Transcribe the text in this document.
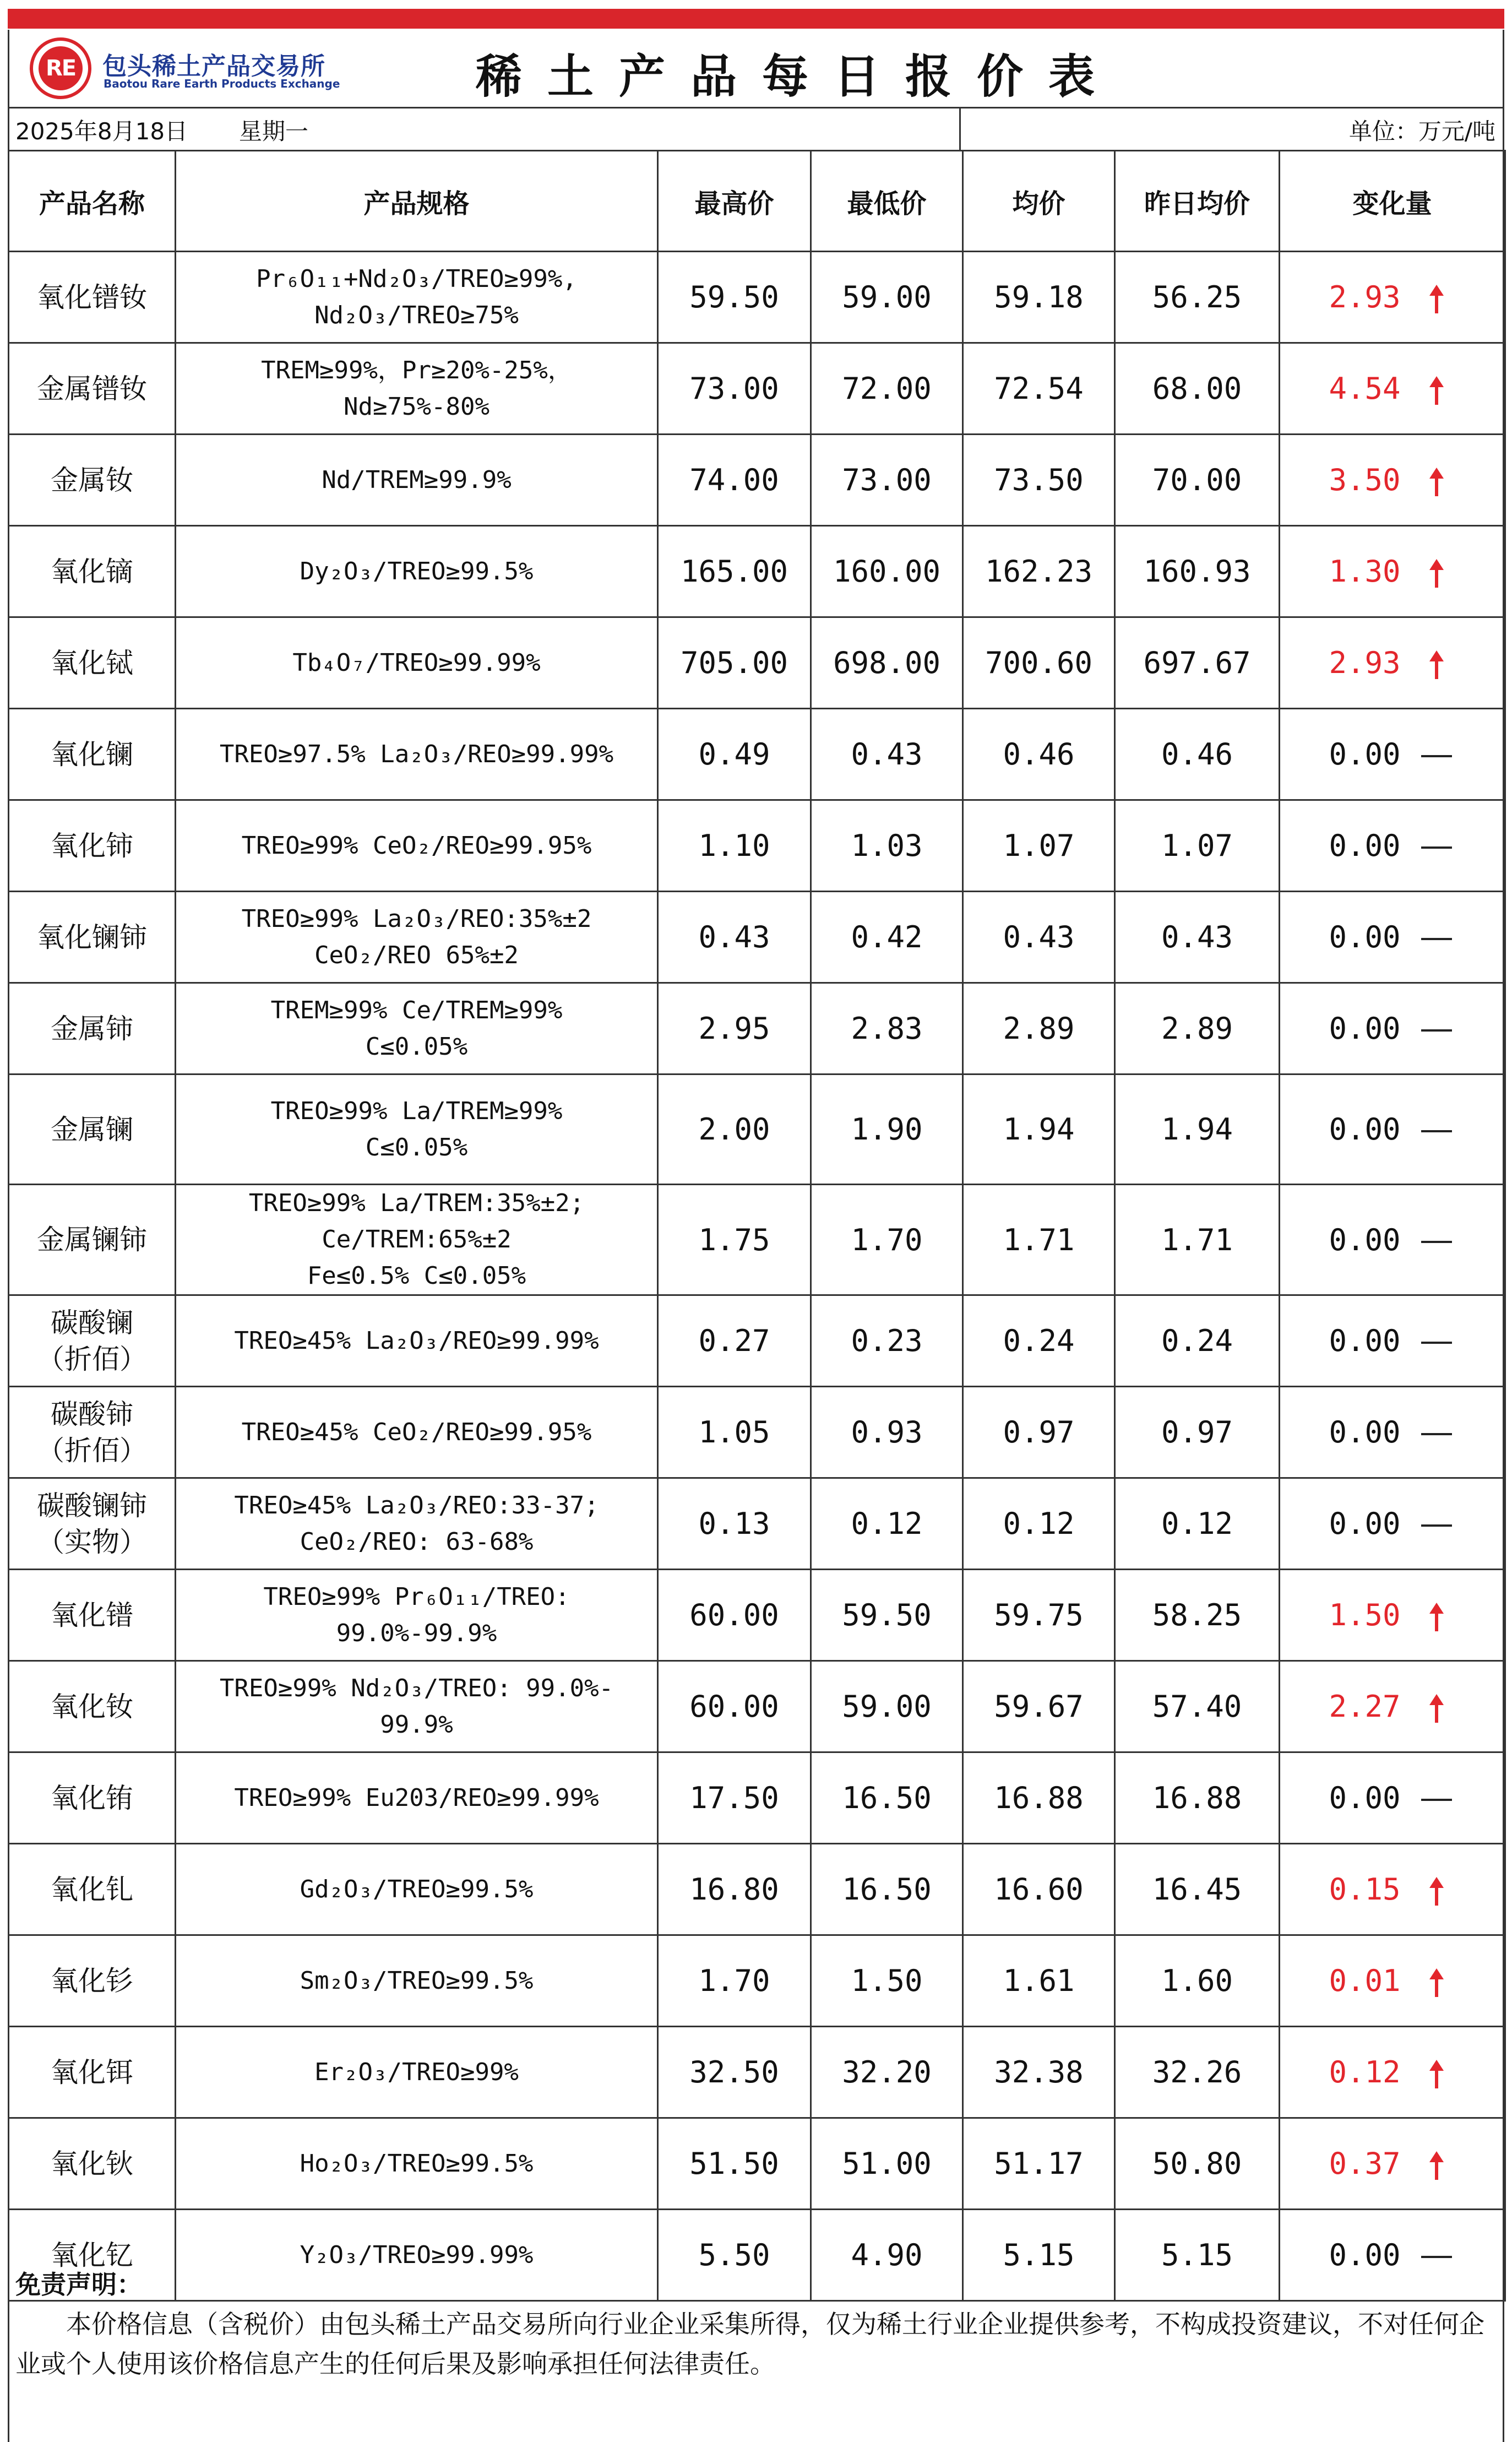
RE 包头稀土产品交易所
Baotou Rare Earth Products Exchange	稀土产品每日报价表
2025年8月18日 星期一	单位：万元/吨
产品名称	产品规格	最高价	最低价	均价	昨日均价	变化量
氧化镨钕	Pr₆O₁₁+Nd₂O₃/TREO≥99%,
Nd₂O₃/TREO≥75%	59.50	59.00	59.18	56.25	2.93
金属镨钕	TREM≥99%，Pr≥20%-25%，
Nd≥75%-80%	73.00	72.00	72.54	68.00	4.54
金属钕	Nd/TREM≥99.9%	74.00	73.00	73.50	70.00	3.50
氧化镝	Dy₂O₃/TREO≥99.5%	165.00	160.00	162.23	160.93	1.30
氧化铽	Tb₄O₇/TREO≥99.99%	705.00	698.00	700.60	697.67	2.93
氧化镧	TREO≥97.5% La₂O₃/REO≥99.99%	0.49	0.43	0.46	0.46	0.00
氧化铈	TREO≥99% CeO₂/REO≥99.95%	1.10	1.03	1.07	1.07	0.00
氧化镧铈	TREO≥99% La₂O₃/REO:35%±2
CeO₂/REO 65%±2	0.43	0.42	0.43	0.43	0.00
金属铈	TREM≥99% Ce/TREM≥99%
C≤0.05%	2.95	2.83	2.89	2.89	0.00
金属镧	TREO≥99% La/TREM≥99%
C≤0.05%	2.00	1.90	1.94	1.94	0.00
金属镧铈	TREO≥99% La/TREM:35%±2;
Ce/TREM:65%±2
Fe≤0.5% C≤0.05%	1.75	1.70	1.71	1.71	0.00
碳酸镧
（折佰）	TREO≥45% La₂O₃/REO≥99.99%	0.27	0.23	0.24	0.24	0.00
碳酸铈
（折佰）	TREO≥45% CeO₂/REO≥99.95%	1.05	0.93	0.97	0.97	0.00
碳酸镧铈
（实物）	TREO≥45% La₂O₃/REO:33-37;
CeO₂/REO: 63-68%	0.13	0.12	0.12	0.12	0.00
氧化镨	TREO≥99% Pr₆O₁₁/TREO:
99.0%-99.9%	60.00	59.50	59.75	58.25	1.50
氧化钕	TREO≥99% Nd₂O₃/TREO: 99.0%-
99.9%	60.00	59.00	59.67	57.40	2.27
氧化铕	TREO≥99% Eu203/REO≥99.99%	17.50	16.50	16.88	16.88	0.00
氧化钆	Gd₂O₃/TREO≥99.5%	16.80	16.50	16.60	16.45	0.15
氧化钐	Sm₂O₃/TREO≥99.5%	1.70	1.50	1.61	1.60	0.01
氧化铒	Er₂O₃/TREO≥99%	32.50	32.20	32.38	32.26	0.12
氧化钬	Ho₂O₃/TREO≥99.5%	51.50	51.00	51.17	50.80	0.37
氧化钇	Y₂O₃/TREO≥99.99%	5.50	4.90	5.15	5.15	0.00
免责声明：
本价格信息（含税价）由包头稀土产品交易所向行业企业采集所得，仅为稀土行业企业提供参考，不构成投资建议，不对任何企业或个人使用该价格信息产生的任何后果及影响承担任何法律责任。
